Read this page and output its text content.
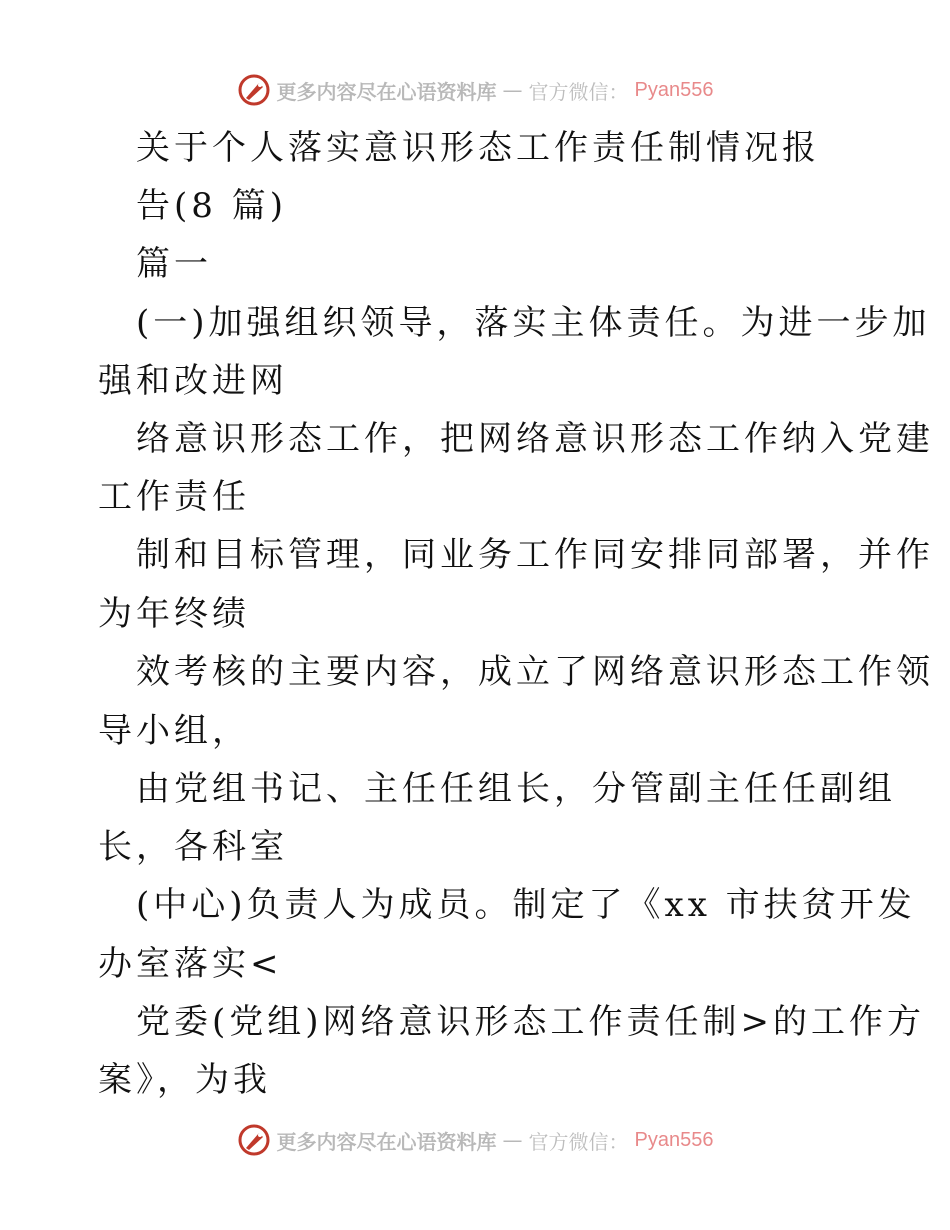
更多内容尽在心语资料库 — 官方微信： Pyan556
关于个人落实意识形态工作责任制情况报
告(8 篇)
篇一
(一)加强组织领导，落实主体责任。为进一步加
强和改进网
络意识形态工作，把网络意识形态工作纳入党建
工作责任
制和目标管理，同业务工作同安排同部署，并作
为年终绩
效考核的主要内容，成立了网络意识形态工作领
导小组，
由党组书记、主任任组长，分管副主任任副组
长，各科室
(中心)负责人为成员。制定了《xx 市扶贫开发
办室落实<
党委(党组)网络意识形态工作责任制>的工作方
案》，为我
更多内容尽在心语资料库 — 官方微信： Pyan556
